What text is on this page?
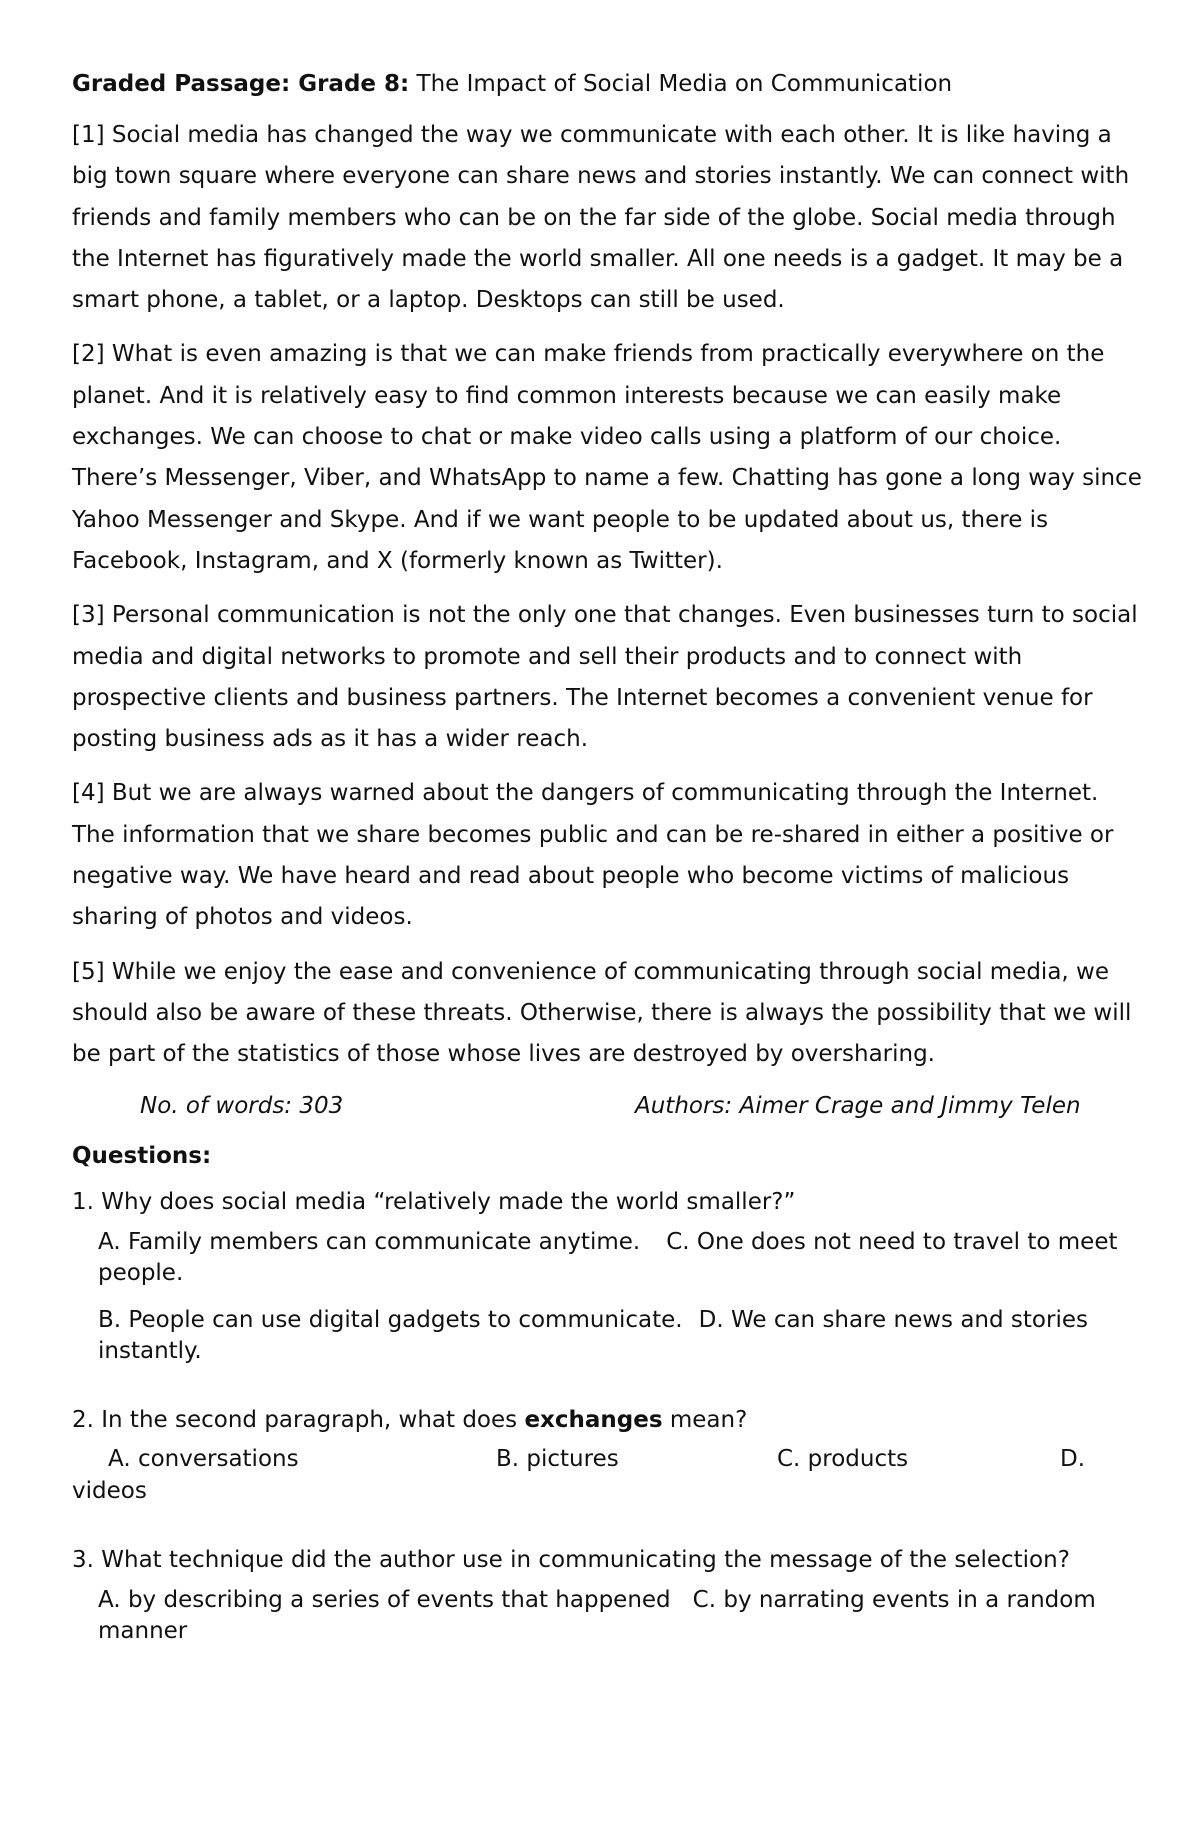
Graded Passage: Grade 8: The Impact of Social Media on Communication

[1] Social media has changed the way we communicate with each other. It is like having a big town square where everyone can share news and stories instantly. We can connect with friends and family members who can be on the far side of the globe. Social media through the Internet has figuratively made the world smaller. All one needs is a gadget. It may be a smart phone, a tablet, or a laptop. Desktops can still be used.

[2] What is even amazing is that we can make friends from practically everywhere on the planet. And it is relatively easy to find common interests because we can easily make exchanges. We can choose to chat or make video calls using a platform of our choice. There’s Messenger, Viber, and WhatsApp to name a few. Chatting has gone a long way since Yahoo Messenger and Skype. And if we want people to be updated about us, there is Facebook, Instagram, and X (formerly known as Twitter).

[3] Personal communication is not the only one that changes. Even businesses turn to social media and digital networks to promote and sell their products and to connect with prospective clients and business partners. The Internet becomes a convenient venue for posting business ads as it has a wider reach.

[4] But we are always warned about the dangers of communicating through the Internet. The information that we share becomes public and can be re-shared in either a positive or negative way. We have heard and read about people who become victims of malicious sharing of photos and videos.

[5] While we enjoy the ease and convenience of communicating through social media, we should also be aware of these threats. Otherwise, there is always the possibility that we will be part of the statistics of those whose lives are destroyed by oversharing.

No. of words: 303	Authors: Aimer Crage and Jimmy Telen
Questions:
1. Why does social media “relatively made the world smaller?”
A. Family members can communicate anytime. C. One does not need to travel to meet people.
B. People can use digital gadgets to communicate. D. We can share news and stories instantly.
2. In the second paragraph, what does exchanges mean?
A. conversations	B. pictures	C. products	D.
videos
3. What technique did the author use in communicating the message of the selection?
A. by describing a series of events that happened C. by narrating events in a random manner
